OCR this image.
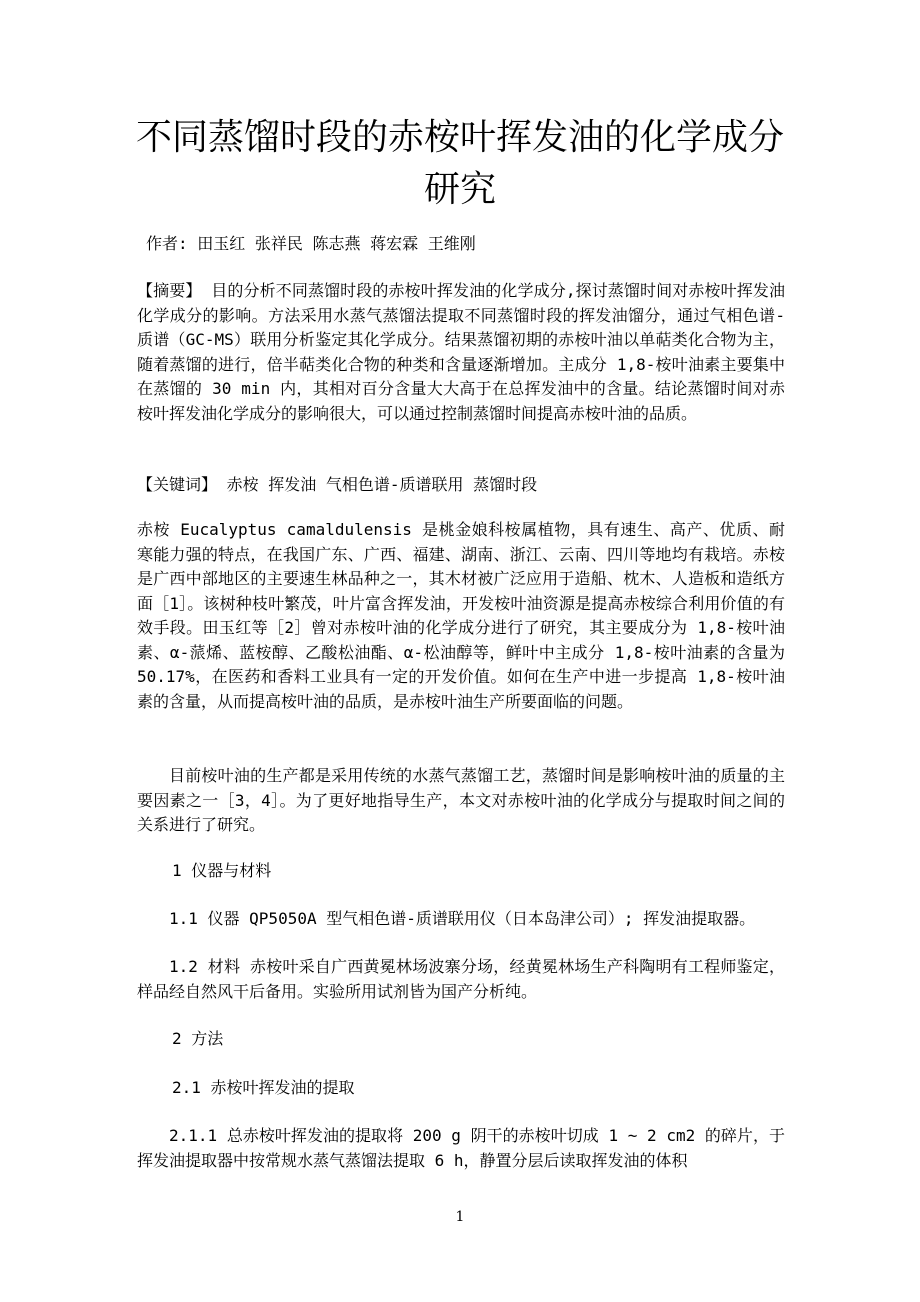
不同蒸馏时段的赤桉叶挥发油的化学成分研究
作者: 田玉红 张祥民 陈志燕 蒋宏霖 王维刚

【摘要】 目的分析不同蒸馏时段的赤桉叶挥发油的化学成分,探讨蒸馏时间对赤桉叶挥发油化学成分的影响。方法采用水蒸气蒸馏法提取不同蒸馏时段的挥发油馏分，通过气相色谱-质谱（GC-MS）联用分析鉴定其化学成分。结果蒸馏初期的赤桉叶油以单萜类化合物为主，随着蒸馏的进行，倍半萜类化合物的种类和含量逐渐增加。主成分 1,8-桉叶油素主要集中在蒸馏的 30 min 内，其相对百分含量大大高于在总挥发油中的含量。结论蒸馏时间对赤桉叶挥发油化学成分的影响很大，可以通过控制蒸馏时间提高赤桉叶油的品质。

【关键词】 赤桉 挥发油 气相色谱-质谱联用 蒸馏时段

赤桉 Eucalyptus camaldulensis 是桃金娘科桉属植物，具有速生、高产、优质、耐寒能力强的特点，在我国广东、广西、福建、湖南、浙江、云南、四川等地均有栽培。赤桉是广西中部地区的主要速生林品种之一，其木材被广泛应用于造船、枕木、人造板和造纸方面［1］。该树种枝叶繁茂，叶片富含挥发油，开发桉叶油资源是提高赤桉综合利用价值的有效手段。田玉红等［2］曾对赤桉叶油的化学成分进行了研究，其主要成分为 1,8-桉叶油素、α-蒎烯、蓝桉醇、乙酸松油酯、α-松油醇等，鲜叶中主成分 1,8-桉叶油素的含量为 50.17%，在医药和香料工业具有一定的开发价值。如何在生产中进一步提高 1,8-桉叶油素的含量，从而提高桉叶油的品质，是赤桉叶油生产所要面临的问题。

目前桉叶油的生产都是采用传统的水蒸气蒸馏工艺，蒸馏时间是影响桉叶油的质量的主要因素之一［3，4］。为了更好地指导生产，本文对赤桉叶油的化学成分与提取时间之间的关系进行了研究。

1 仪器与材料

1.1 仪器 QP5050A 型气相色谱-质谱联用仪（日本岛津公司）; 挥发油提取器。

1.2 材料 赤桉叶采自广西黄冕林场波寨分场，经黄冕林场生产科陶明有工程师鉴定，样品经自然风干后备用。实验所用试剂皆为国产分析纯。

2 方法
2.1 赤桉叶挥发油的提取

2.1.1 总赤桉叶挥发油的提取将 200 g 阴干的赤桉叶切成 1 ~ 2 cm2 的碎片，于挥发油提取器中按常规水蒸气蒸馏法提取 6 h，静置分层后读取挥发油的体积

1
